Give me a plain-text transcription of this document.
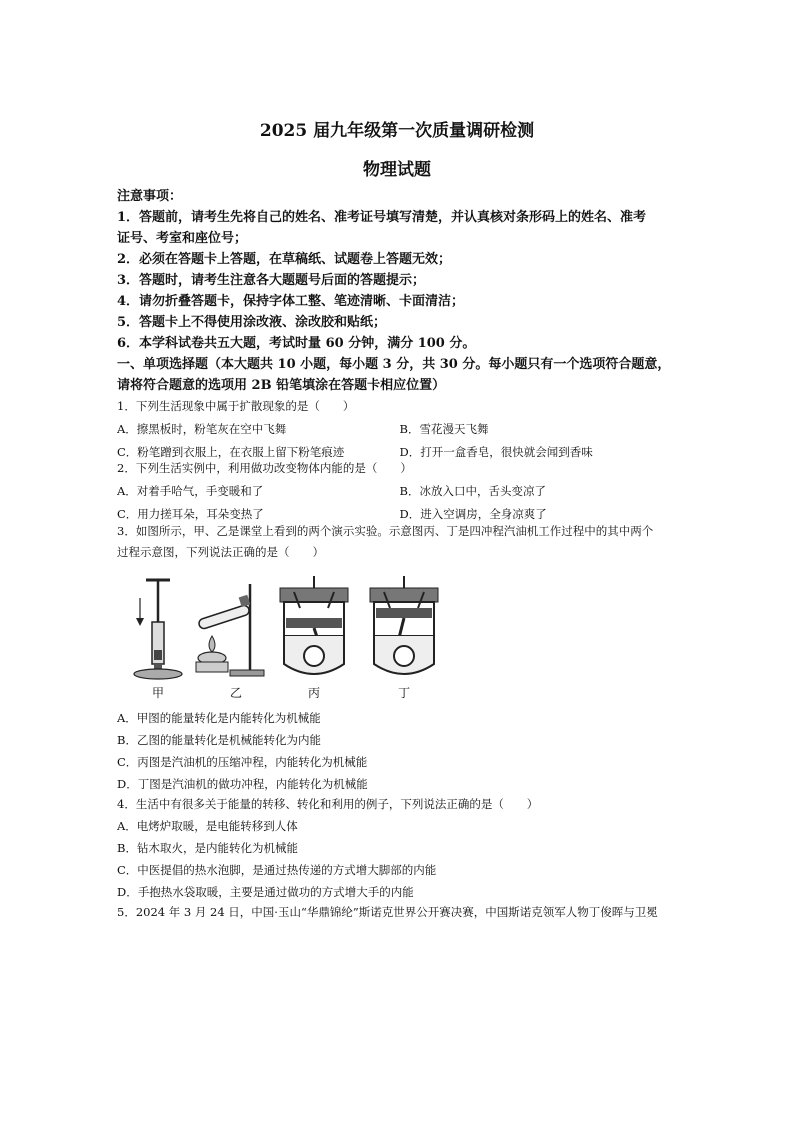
2025 届九年级第一次质量调研检测
物理试题
注意事项：
1．答题前，请考生先将自己的姓名、准考证号填写清楚，并认真核对条形码上的姓名、准考
证号、考室和座位号；
2．必须在答题卡上答题，在草稿纸、试题卷上答题无效；
3．答题时，请考生注意各大题题号后面的答题提示；
4．请勿折叠答题卡，保持字体工整、笔迹清晰、卡面清洁；
5．答题卡上不得使用涂改液、涂改胶和贴纸；
6．本学科试卷共五大题，考试时量 60 分钟，满分 100 分。
一、单项选择题（本大题共 10 小题，每小题 3 分，共 30 分。每小题只有一个选项符合题意，
请将符合题意的选项用 2B 铅笔填涂在答题卡相应位置）
1．下列生活现象中属于扩散现象的是（　　）
A．擦黑板时，粉笔灰在空中飞舞	B．雪花漫天飞舞
C．粉笔蹭到衣服上，在衣服上留下粉笔痕迹	D．打开一盒香皂，很快就会闻到香味
2．下列生活实例中，利用做功改变物体内能的是（　　）
A．对着手哈气，手变暖和了	B．冰放入口中，舌头变凉了
C．用力搓耳朵，耳朵变热了	D．进入空调房，全身凉爽了
3．如图所示，甲、乙是课堂上看到的两个演示实验。示意图丙、丁是四冲程汽油机工作过程中的其中两个
过程示意图，下列说法正确的是（　　）
甲	乙	丙	丁
A．甲图的能量转化是内能转化为机械能
B．乙图的能量转化是机械能转化为内能
C．丙图是汽油机的压缩冲程，内能转化为机械能
D．丁图是汽油机的做功冲程，内能转化为机械能
4．生活中有很多关于能量的转移、转化和利用的例子，下列说法正确的是（　　）
A．电烤炉取暖，是电能转移到人体
B．钻木取火，是内能转化为机械能
C．中医提倡的热水泡脚，是通过热传递的方式增大脚部的内能
D．手抱热水袋取暖，主要是通过做功的方式增大手的内能
5．2024 年 3 月 24 日，中国·玉山“华鼎锦纶”斯诺克世界公开赛决赛，中国斯诺克领军人物丁俊晖与卫冕
